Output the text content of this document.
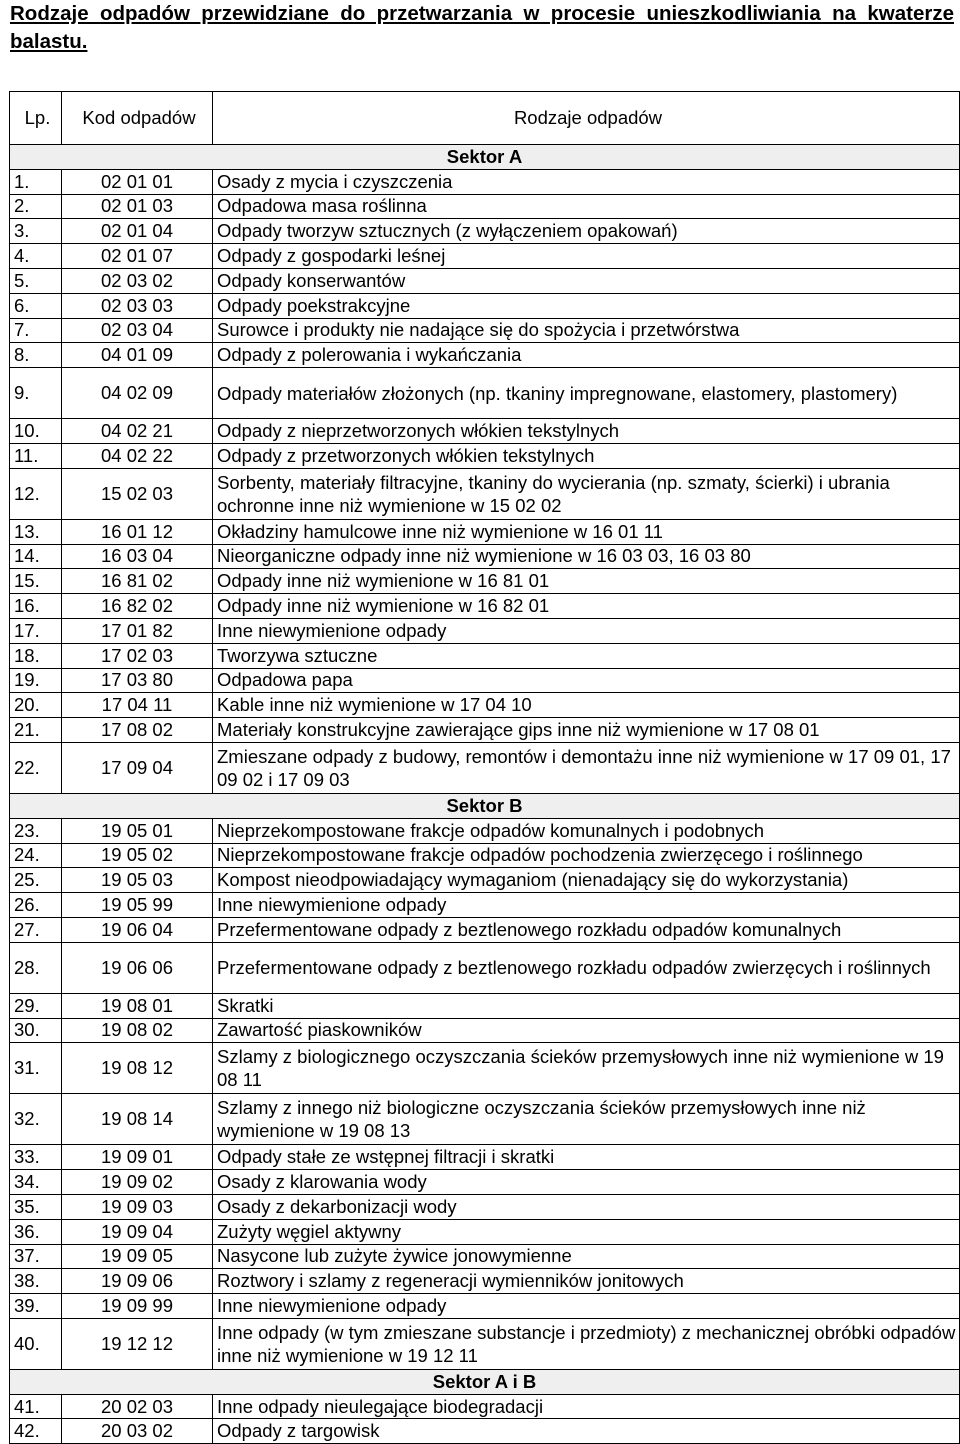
Rodzaje odpadów przewidziane do przetwarzania w procesie unieszkodliwiania na kwaterze balastu.
Lp.	Kod odpadów	Rodzaje odpadów
Sektor A		
1.	02 01 01	Osady z mycia i czyszczenia
2.	02 01 03	Odpadowa masa roślinna
3.	02 01 04	Odpady tworzyw sztucznych (z wyłączeniem opakowań)
4.	02 01 07	Odpady z gospodarki leśnej
5.	02 03 02	Odpady konserwantów
6.	02 03 03	Odpady poekstrakcyjne
7.	02 03 04	Surowce i produkty nie nadające się do spożycia i przetwórstwa
8.	04 01 09	Odpady z polerowania i wykańczania
9.	04 02 09	Odpady materiałów złożonych (np. tkaniny impregnowane, elastomery, plastomery)
10.	04 02 21	Odpady z nieprzetworzonych włókien tekstylnych
11.	04 02 22	Odpady z przetworzonych włókien tekstylnych
12.	15 02 03	Sorbenty, materiały filtracyjne, tkaniny do wycierania (np. szmaty, ścierki) i ubrania ochronne inne niż wymienione w 15 02 02
13.	16 01 12	Okładziny hamulcowe inne niż wymienione w 16 01 11
14.	16 03 04	Nieorganiczne odpady inne niż wymienione w 16 03 03, 16 03 80
15.	16 81 02	Odpady inne niż wymienione w 16 81 01
16.	16 82 02	Odpady inne niż wymienione w 16 82 01
17.	17 01 82	Inne niewymienione odpady
18.	17 02 03	Tworzywa sztuczne
19.	17 03 80	Odpadowa papa
20.	17 04 11	Kable inne niż wymienione w 17 04 10
21.	17 08 02	Materiały konstrukcyjne zawierające gips inne niż wymienione w 17 08 01
22.	17 09 04	Zmieszane odpady z budowy, remontów i demontażu inne niż wymienione w 17 09 01, 17 09 02 i 17 09 03
Sektor B		
23.	19 05 01	Nieprzekompostowane frakcje odpadów komunalnych i podobnych
24.	19 05 02	Nieprzekompostowane frakcje odpadów pochodzenia zwierzęcego i roślinnego
25.	19 05 03	Kompost nieodpowiadający wymaganiom (nienadający się do wykorzystania)
26.	19 05 99	Inne niewymienione odpady
27.	19 06 04	Przefermentowane odpady z beztlenowego rozkładu odpadów komunalnych
28.	19 06 06	Przefermentowane odpady z beztlenowego rozkładu odpadów zwierzęcych i roślinnych
29.	19 08 01	Skratki
30.	19 08 02	Zawartość piaskowników
31.	19 08 12	Szlamy z biologicznego oczyszczania ścieków przemysłowych inne niż wymienione w 19 08 11
32.	19 08 14	Szlamy z innego niż biologiczne oczyszczania ścieków przemysłowych inne niż wymienione w 19 08 13
33.	19 09 01	Odpady stałe ze wstępnej filtracji i skratki
34.	19 09 02	Osady z klarowania wody
35.	19 09 03	Osady z dekarbonizacji wody
36.	19 09 04	Zużyty węgiel aktywny
37.	19 09 05	Nasycone lub zużyte żywice jonowymienne
38.	19 09 06	Roztwory i szlamy z regeneracji wymienników jonitowych
39.	19 09 99	Inne niewymienione odpady
40.	19 12 12	Inne odpady (w tym zmieszane substancje i przedmioty) z mechanicznej obróbki odpadów inne niż wymienione w 19 12 11
Sektor A i B		
41.	20 02 03	Inne odpady nieulegające biodegradacji
42.	20 03 02	Odpady z targowisk
